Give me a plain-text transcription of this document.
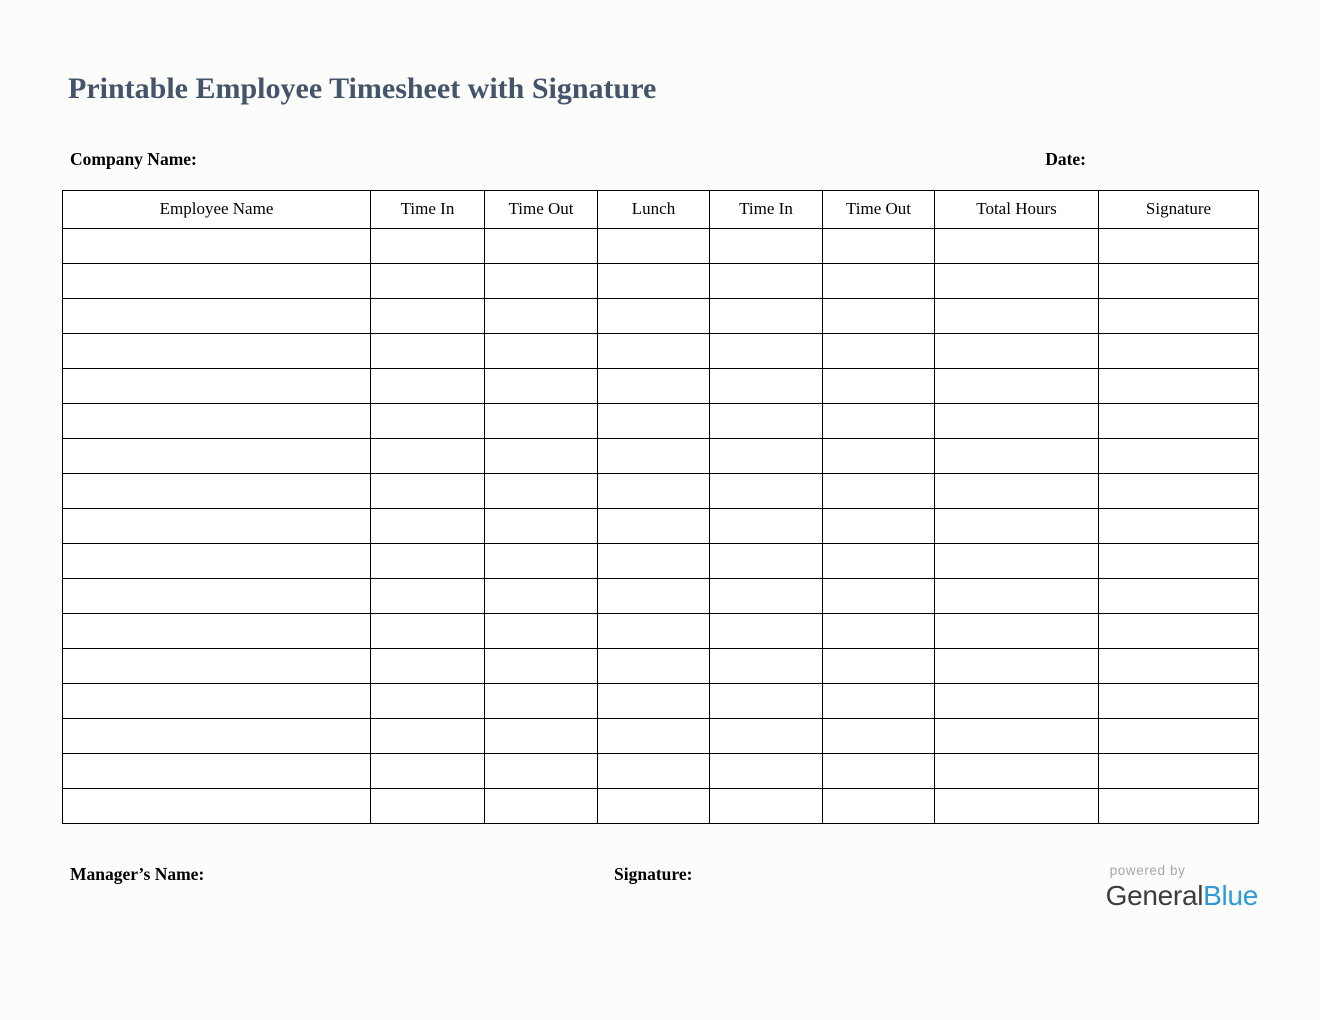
Printable Employee Timesheet with Signature
Company Name:	Date:
Employee Name	Time In	Time Out	Lunch	Time In	Time Out	Total Hours	Signature

Manager’s Name:	Signature:	powered by
GeneralBlue
